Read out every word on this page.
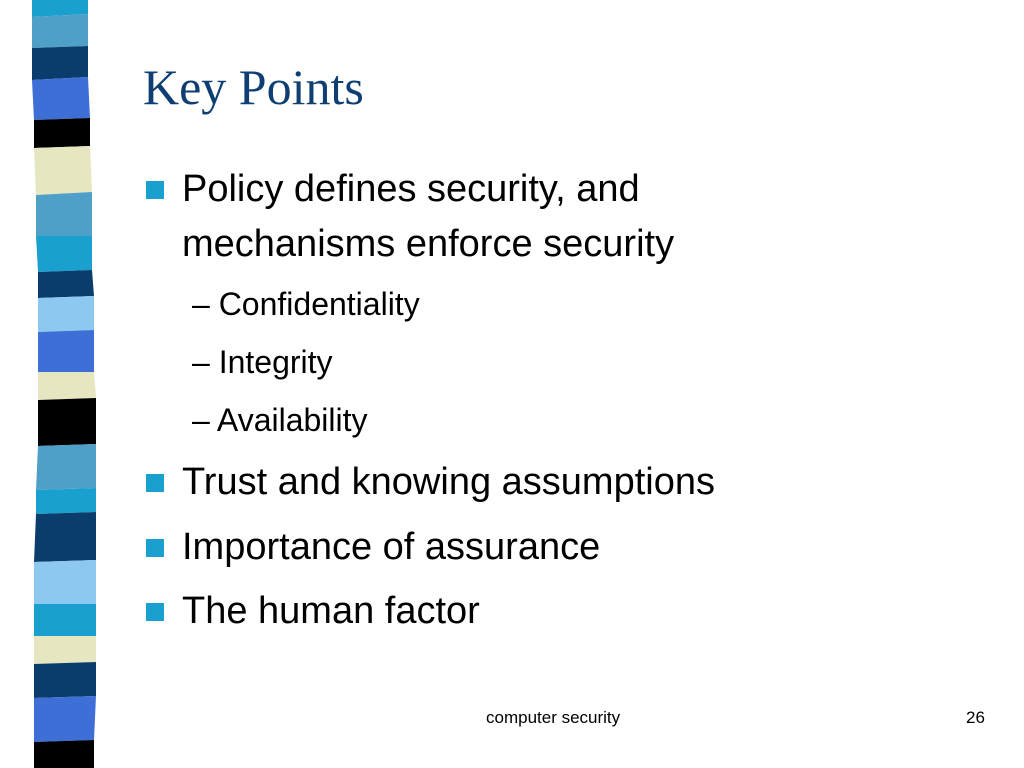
Key Points
Policy defines security, and
mechanisms enforce security
– Confidentiality
– Integrity
– Availability
Trust and knowing assumptions
Importance of assurance
The human factor
computer security	26
